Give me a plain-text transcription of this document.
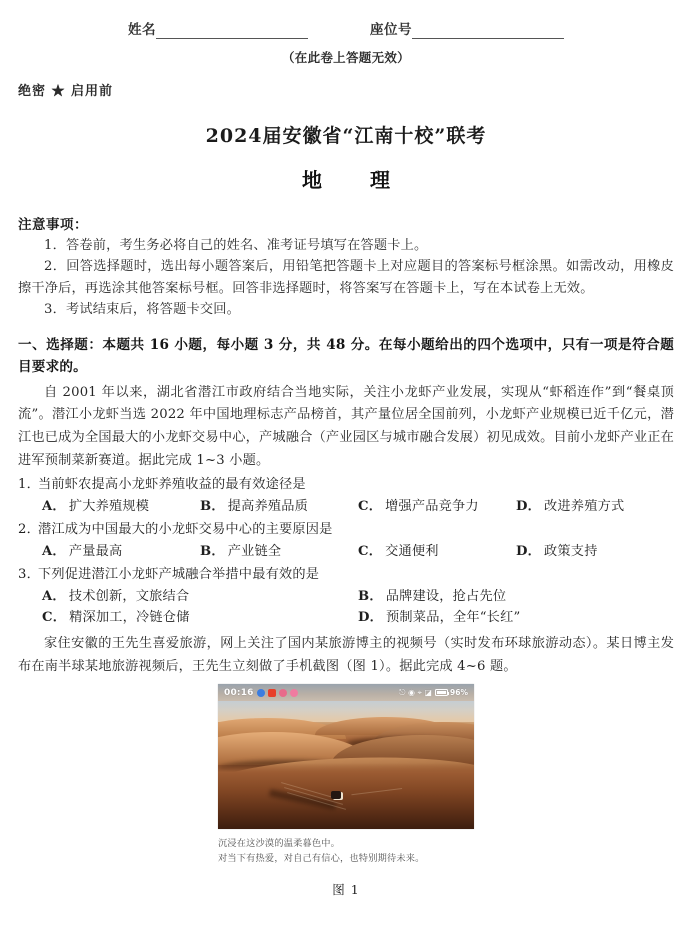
姓名	座位号
（在此卷上答题无效）
绝密 ★ 启用前
2024届安徽省“江南十校”联考
地　理
注意事项：
1．答卷前，考生务必将自己的姓名、准考证号填写在答题卡上。
2．回答选择题时，选出每小题答案后，用铅笔把答题卡上对应题目的答案标号框涂黑。如需改动，用橡皮擦干净后，再选涂其他答案标号框。回答非选择题时，将答案写在答题卡上，写在本试卷上无效。
3．考试结束后，将答题卡交回。
一、选择题：本题共 16 小题，每小题 3 分，共 48 分。在每小题给出的四个选项中，只有一项是符合题目要求的。
自 2001 年以来，湖北省潜江市政府结合当地实际，关注小龙虾产业发展，实现从“虾稻连作”到“餐桌顶流”。潜江小龙虾当选 2022 年中国地理标志产品榜首，其产量位居全国前列，小龙虾产业规模已近千亿元，潜江也已成为全国最大的小龙虾交易中心，产城融合（产业园区与城市融合发展）初见成效。目前小龙虾产业正在进军预制菜新赛道。据此完成 1~3 小题。
1．
当前虾农提高小龙虾养殖收益的最有效途径是
A． 扩大养殖规模	B． 提高养殖品质	C． 增强产品竞争力	D． 改进养殖方式
2．
潜江成为中国最大的小龙虾交易中心的主要原因是
A． 产量最高	B． 产业链全	C． 交通便利	D． 政策支持
3．
下列促进潜江小龙虾产城融合举措中最有效的是
A． 技术创新，文旅结合	B． 品牌建设，抢占先位
C． 精深加工，冷链仓储	D． 预制菜品，全年“长红”
家住安徽的王先生喜爱旅游，网上关注了国内某旅游博主的视频号（实时发布环球旅游动态）。某日博主发布在南半球某地旅游视频后，王先生立刻做了手机截图（图 1）。据此完成 4~6 题。
00:16	⎋ ◉ ⌖ ◪ 96%
沉浸在这沙漠的温柔暮色中。
对当下有热爱，对自己有信心，也特别期待未来。
图 1
